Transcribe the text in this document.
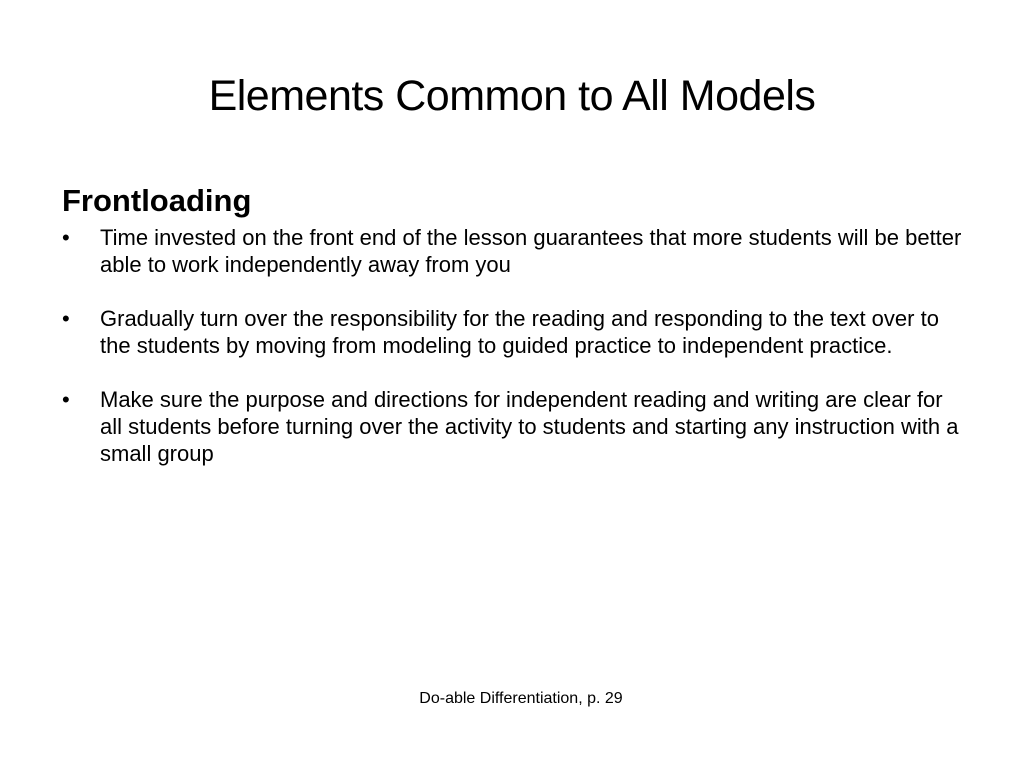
Elements Common to All Models
Frontloading
•	Time invested on the front end of the lesson guarantees that more students will be better able to work independently away from you
•	Gradually turn over the responsibility for the reading and responding to the text over to the students by moving from modeling to guided practice to independent practice.
•	Make sure the purpose and directions for independent reading and writing are clear for all students before turning over the activity to students and starting any instruction with a small group
Do-able Differentiation, p. 29
